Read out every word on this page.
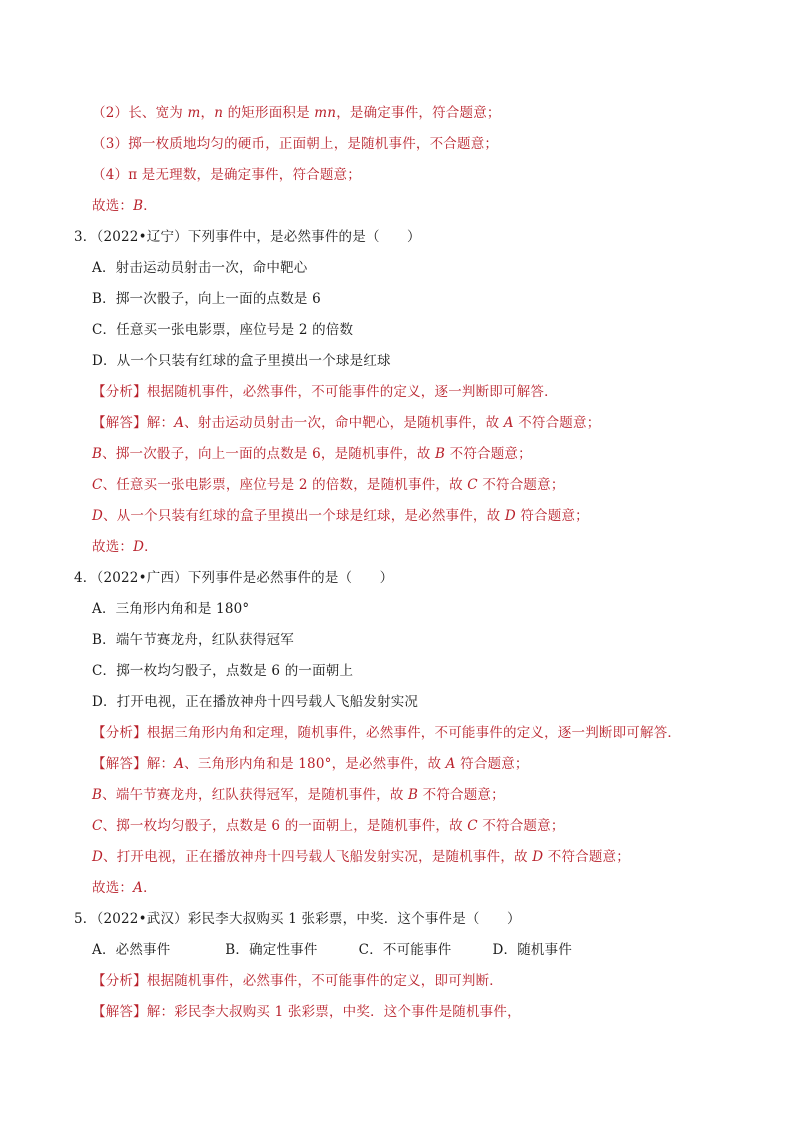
（2）长、宽为 m，n 的矩形面积是 mn，是确定事件，符合题意；
（3）掷一枚质地均匀的硬币，正面朝上，是随机事件，不合题意；
（4）π 是无理数，是确定事件，符合题意；
故选：B．
3．（2022•辽宁）下列事件中，是必然事件的是（　　）
A．射击运动员射击一次，命中靶心
B．掷一次骰子，向上一面的点数是 6
C．任意买一张电影票，座位号是 2 的倍数
D．从一个只装有红球的盒子里摸出一个球是红球
【分析】根据随机事件，必然事件，不可能事件的定义，逐一判断即可解答．
【解答】解：A、射击运动员射击一次，命中靶心，是随机事件，故 A 不符合题意；
B、掷一次骰子，向上一面的点数是 6，是随机事件，故 B 不符合题意；
C、任意买一张电影票，座位号是 2 的倍数，是随机事件，故 C 不符合题意；
D、从一个只装有红球的盒子里摸出一个球是红球，是必然事件，故 D 符合题意；
故选：D．
4．（2022•广西）下列事件是必然事件的是（　　）
A．三角形内角和是 180°
B．端午节赛龙舟，红队获得冠军
C．掷一枚均匀骰子，点数是 6 的一面朝上
D．打开电视，正在播放神舟十四号载人飞船发射实况
【分析】根据三角形内角和定理，随机事件，必然事件，不可能事件的定义，逐一判断即可解答．
【解答】解：A、三角形内角和是 180°，是必然事件，故 A 符合题意；
B、端午节赛龙舟，红队获得冠军，是随机事件，故 B 不符合题意；
C、掷一枚均匀骰子，点数是 6 的一面朝上，是随机事件，故 C 不符合题意；
D、打开电视，正在播放神舟十四号载人飞船发射实况，是随机事件，故 D 不符合题意；
故选：A．
5．（2022•武汉）彩民李大叔购买 1 张彩票，中奖．这个事件是（　　）
A．必然事件　　　　B．确定性事件　　　C．不可能事件　　　D．随机事件
【分析】根据随机事件，必然事件，不可能事件的定义，即可判断．
【解答】解：彩民李大叔购买 1 张彩票，中奖．这个事件是随机事件，
